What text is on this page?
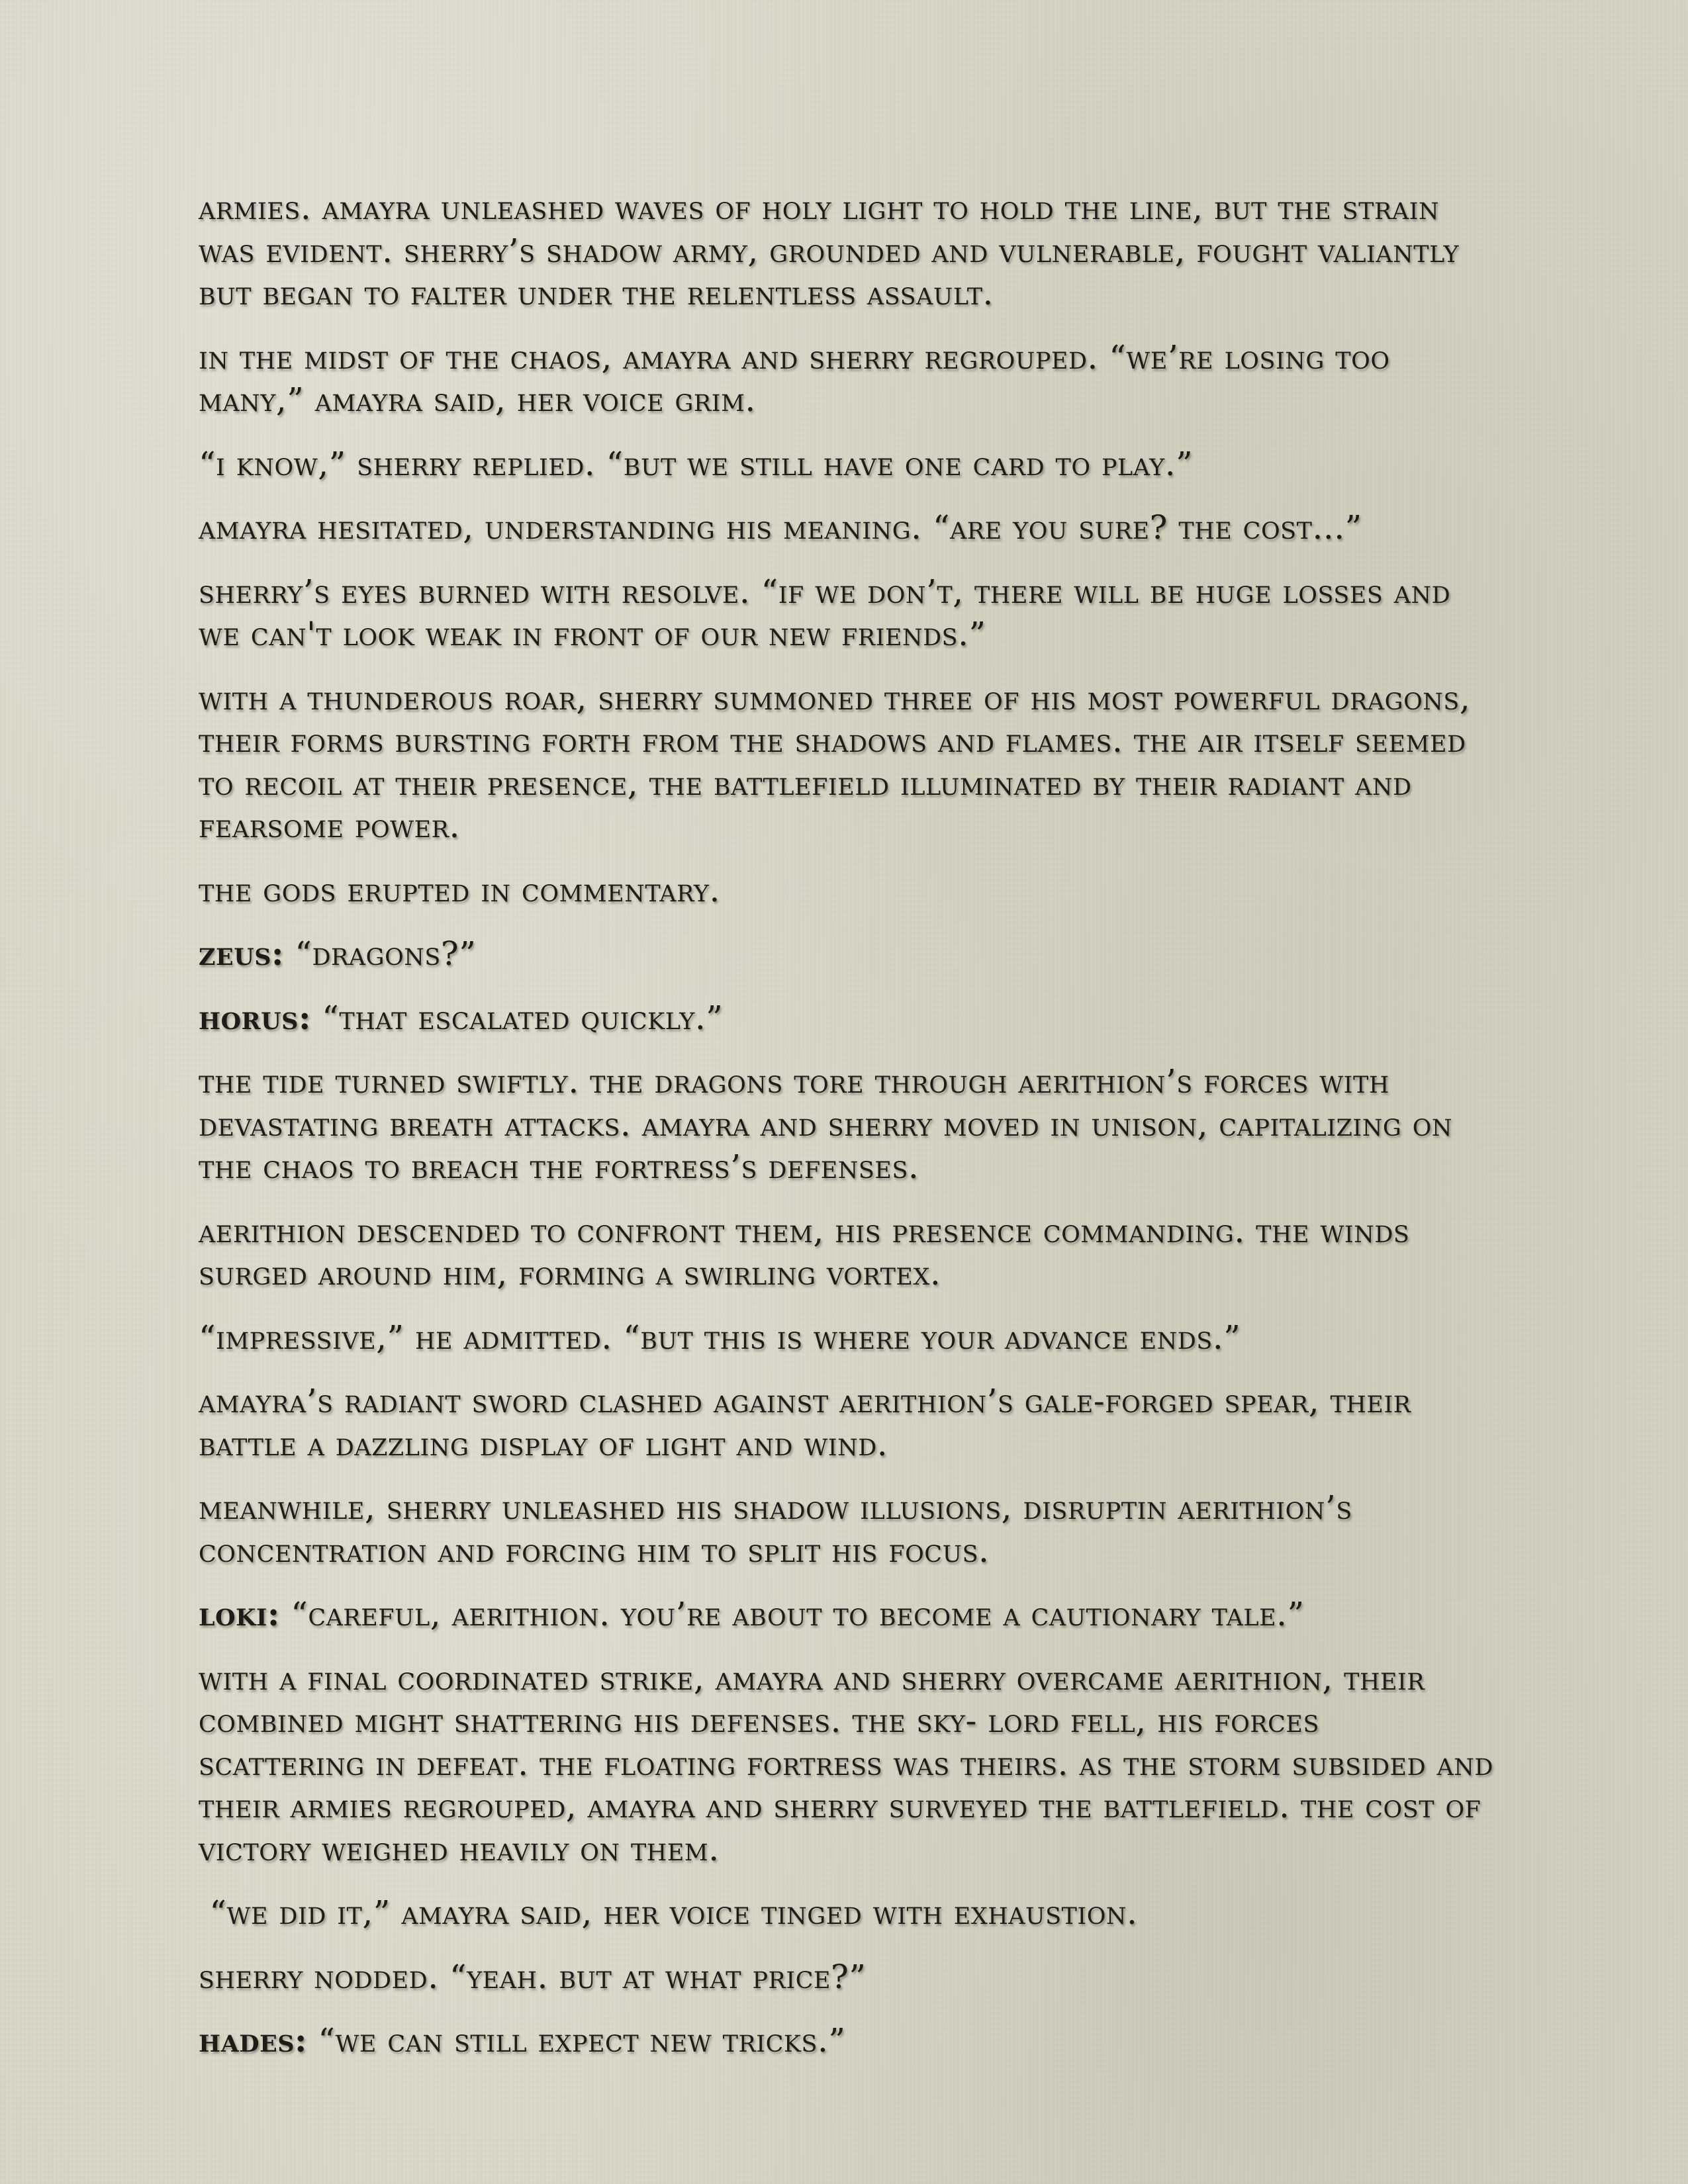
armies. amayra unleashed waves of holy light to hold the line, but the strain was evident. sherry’s shadow army, grounded and vulnerable, fought valiantly but began to falter under the relentless assault.

in the midst of the chaos, amayra and sherry regrouped. “we’re losing too many,” amayra said, her voice grim.

“i know,” sherry replied. “but we still have one card to play.”

amayra hesitated, understanding his meaning. “are you sure? the cost...”

sherry’s eyes burned with resolve. “if we don’t, there will be huge losses and we can't look weak in front of our new friends.”

with a thunderous roar, sherry summoned three of his most powerful dragons, their forms bursting forth from the shadows and flames. the air itself seemed to recoil at their presence, the battlefield illuminated by their radiant and fearsome power.

the gods erupted in commentary.

zeus: “dragons?”

horus: “that escalated quickly.”

the tide turned swiftly. the dragons tore through aerithion’s forces with devastating breath attacks. amayra and sherry moved in unison, capitalizing on the chaos to breach the fortress’s defenses.

aerithion descended to confront them, his presence commanding. the winds surged around him, forming a swirling vortex.

“impressive,” he admitted. “but this is where your advance ends.”

amayra’s radiant sword clashed against aerithion’s gale-forged spear, their battle a dazzling display of light and wind.

meanwhile, sherry unleashed his shadow illusions, disruptin aerithion’s concentration and forcing him to split his focus.

loki: “careful, aerithion. you’re about to become a cautionary tale.”

with a final coordinated strike, amayra and sherry overcame aerithion, their combined might shattering his defenses. the sky- lord fell, his forces scattering in defeat. the floating fortress was theirs. as the storm subsided and their armies regrouped, amayra and sherry surveyed the battlefield. the cost of victory weighed heavily on them.

“we did it,” amayra said, her voice tinged with exhaustion.

sherry nodded. “yeah. but at what price?”

hades: “we can still expect new tricks.”
